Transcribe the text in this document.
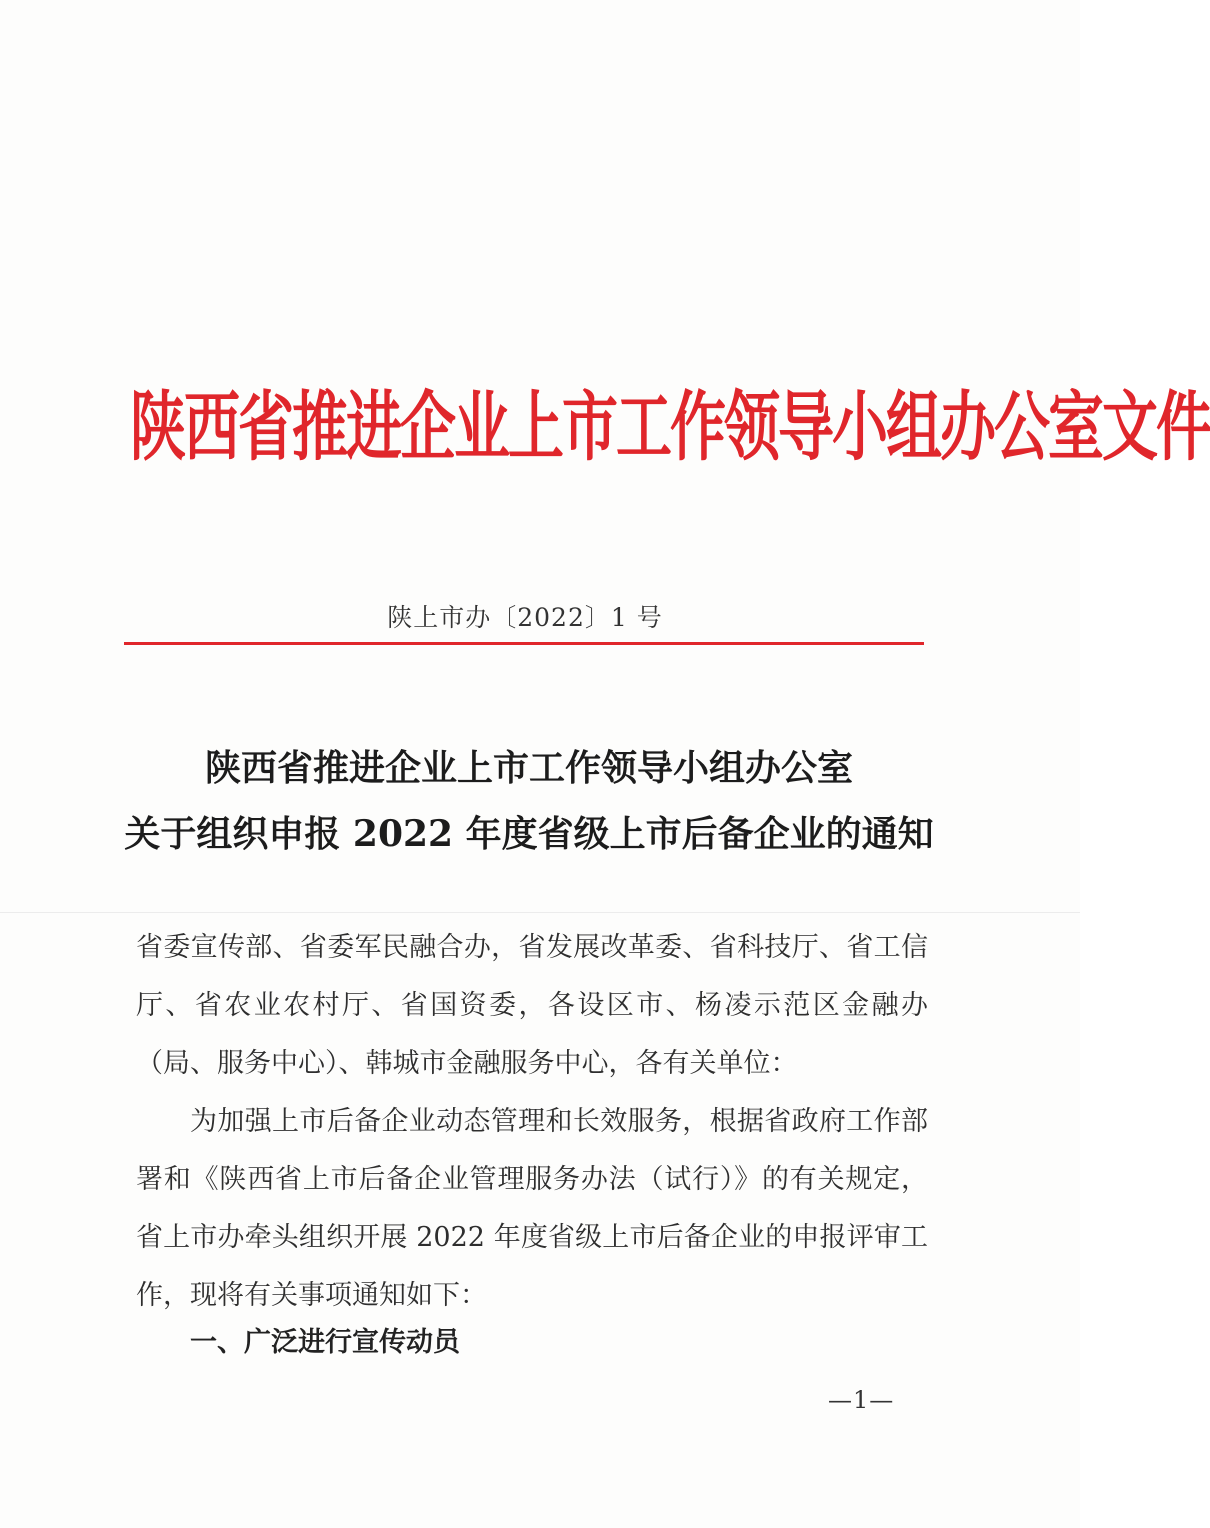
陕西省推进企业上市工作领导小组办公室文件
陕上市办〔2022〕1 号
陕西省推进企业上市工作领导小组办公室
关于组织申报 2022 年度省级上市后备企业的通知
省委宣传部、省委军民融合办，省发展改革委、省科技厅、省工信厅、省农业农村厅、省国资委，各设区市、杨凌示范区金融办（局、服务中心）、韩城市金融服务中心，各有关单位：
为加强上市后备企业动态管理和长效服务，根据省政府工作部署和《陕西省上市后备企业管理服务办法（试行）》的有关规定，省上市办牵头组织开展 2022 年度省级上市后备企业的申报评审工作，现将有关事项通知如下：
一、广泛进行宣传动员
—1—
